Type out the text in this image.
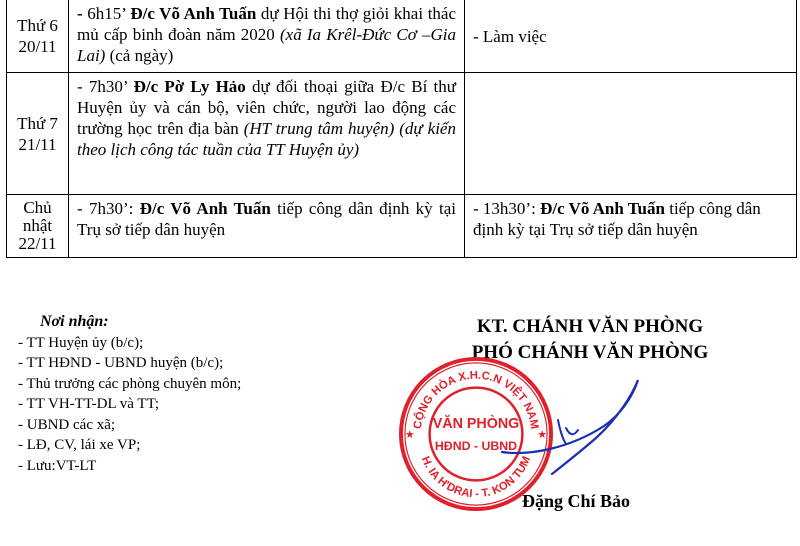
Thứ 6
20/11	- 6h15’ Đ/c Võ Anh Tuấn dự Hội thi thợ giỏi khai thác mủ cấp binh đoàn năm 2020 (xã Ia Krêl-Đức Cơ –Gia Lai) (cả ngày)	- Làm việc

Thứ 7
21/11	- 7h30’ Đ/c Pờ Ly Hảo dự đối thoại giữa Đ/c Bí thư Huyện ủy và cán bộ, viên chức, người lao động các trường học trên địa bàn (HT trung tâm huyện) (dự kiến theo lịch công tác tuần của TT Huyện ủy)	

Chủ
nhật
22/11	- 7h30’: Đ/c Võ Anh Tuấn tiếp công dân định kỳ tại Trụ sở tiếp dân huyện	- 13h30’: Đ/c Võ Anh Tuấn tiếp công dân định kỳ tại Trụ sở tiếp dân huyện
Nơi nhận:
- TT Huyện ủy (b/c);
- TT HĐND - UBND huyện (b/c);
- Thủ trưởng các phòng chuyên môn;
- TT VH-TT-DL và TT;
- UBND các xã;
- LĐ, CV, lái xe VP;
- Lưu:VT-LT
KT. CHÁNH VĂN PHÒNG
PHÓ CHÁNH VĂN PHÒNG
CỘNG HÒA X.H.C.N VIỆT NAM
H. IA H'DRAI - T. KON TUM
★	★
VĂN PHÒNG
HĐND - UBND
Đặng Chí Bảo
